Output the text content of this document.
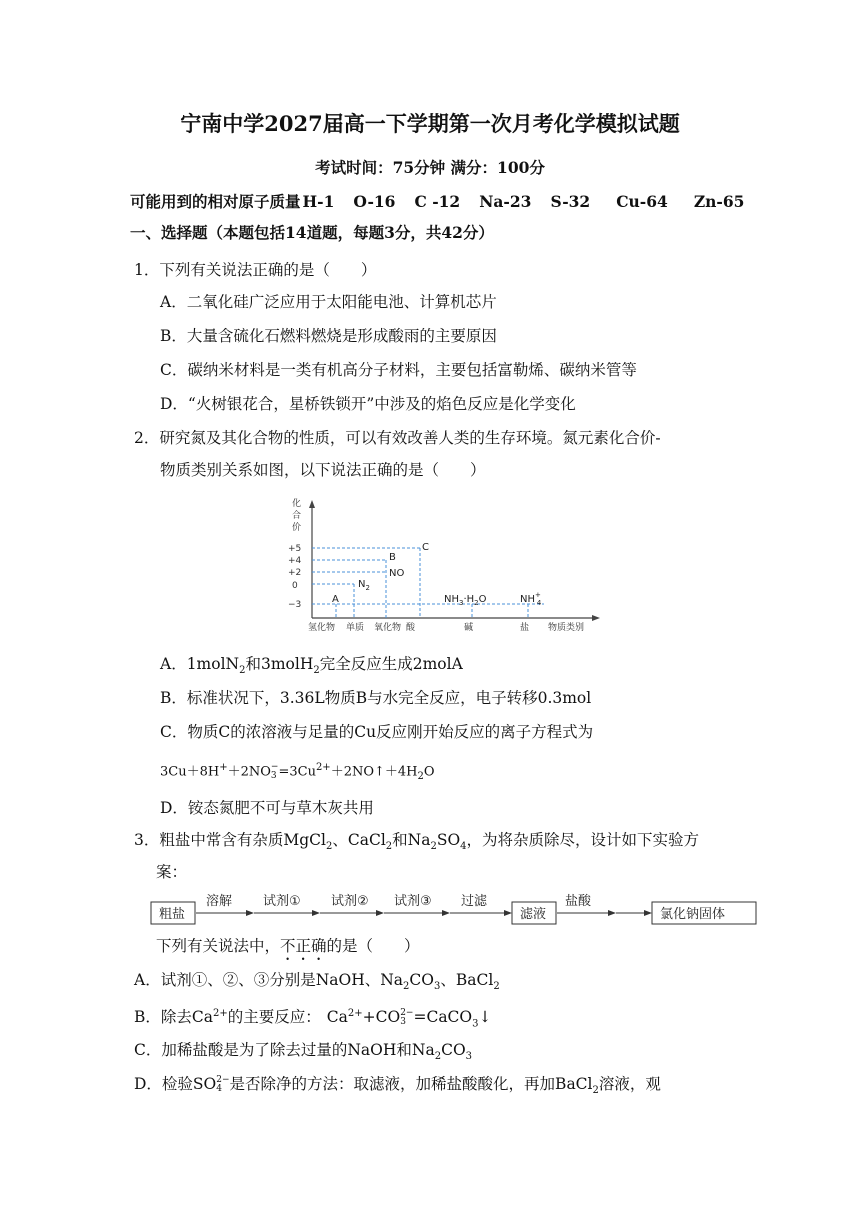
宁南中学2027届高一下学期第一次月考化学模拟试题
考试时间：75分钟 满分：100分
可能用到的相对原子质量 H-1 O-16 C -12 Na-23 S-32 Cu-64 Zn-65
一、选择题（本题包括14道题，每题3分，共42分）
1．下列有关说法正确的是（　　）
A．二氧化硅广泛应用于太阳能电池、计算机芯片
B．大量含硫化石燃料燃烧是形成酸雨的主要原因
C．碳纳米材料是一类有机高分子材料，主要包括富勒烯、碳纳米管等
D．“火树银花合，星桥铁锁开”中涉及的焰色反应是化学变化
2．研究氮及其化合物的性质，可以有效改善人类的生存环境。氮元素化合价-
物质类别关系如图，以下说法正确的是（　　）
化
合
价
+5
+4
+2
0
−3
氢化物 单质 氧化物 酸	碱	盐 物质类别
A
$N_2$
B
NO
C
$NH_3\cdot H_2O$	NH+ 4
A．1molN$_2$和3molH$_2$完全反应生成2molA
B．标准状况下，3.36L物质B与水完全反应，电子转移0.3mol
C．物质C的浓溶液与足量的Cu反应刚开始反应的离子方程式为
3Cu＋8H+＋2NO −
$3 =3Cu^{2+}+2NO↑+4H_2O$
D．铵态氮肥不可与草木灰共用
3．粗盐中常含有杂质MgCl$_2$、CaCl$_2$和$Na_2SO_4$，为将杂质除尽，设计如下实验方
案：
粗盐
溶解 试剂① 试剂② 试剂③ 过滤
滤液
盐酸
氯化钠固体
下列有关说法中，不正确的是（　　）
A．试剂①、②、③分别是NaOH、$Na_2CO_3$、BaCl$_2$
B．除去$Ca^{2+}$的主要反应： $Ca^{2+}+CO$ 2−
3 =CaCO$_3$↓
C．加稀盐酸是为了除去过量的NaOH和$Na_2CO_3$
D．检验SO 2−
4 是否除净的方法：取滤液，加稀盐酸酸化，再加BaCl$_2$溶液，观
